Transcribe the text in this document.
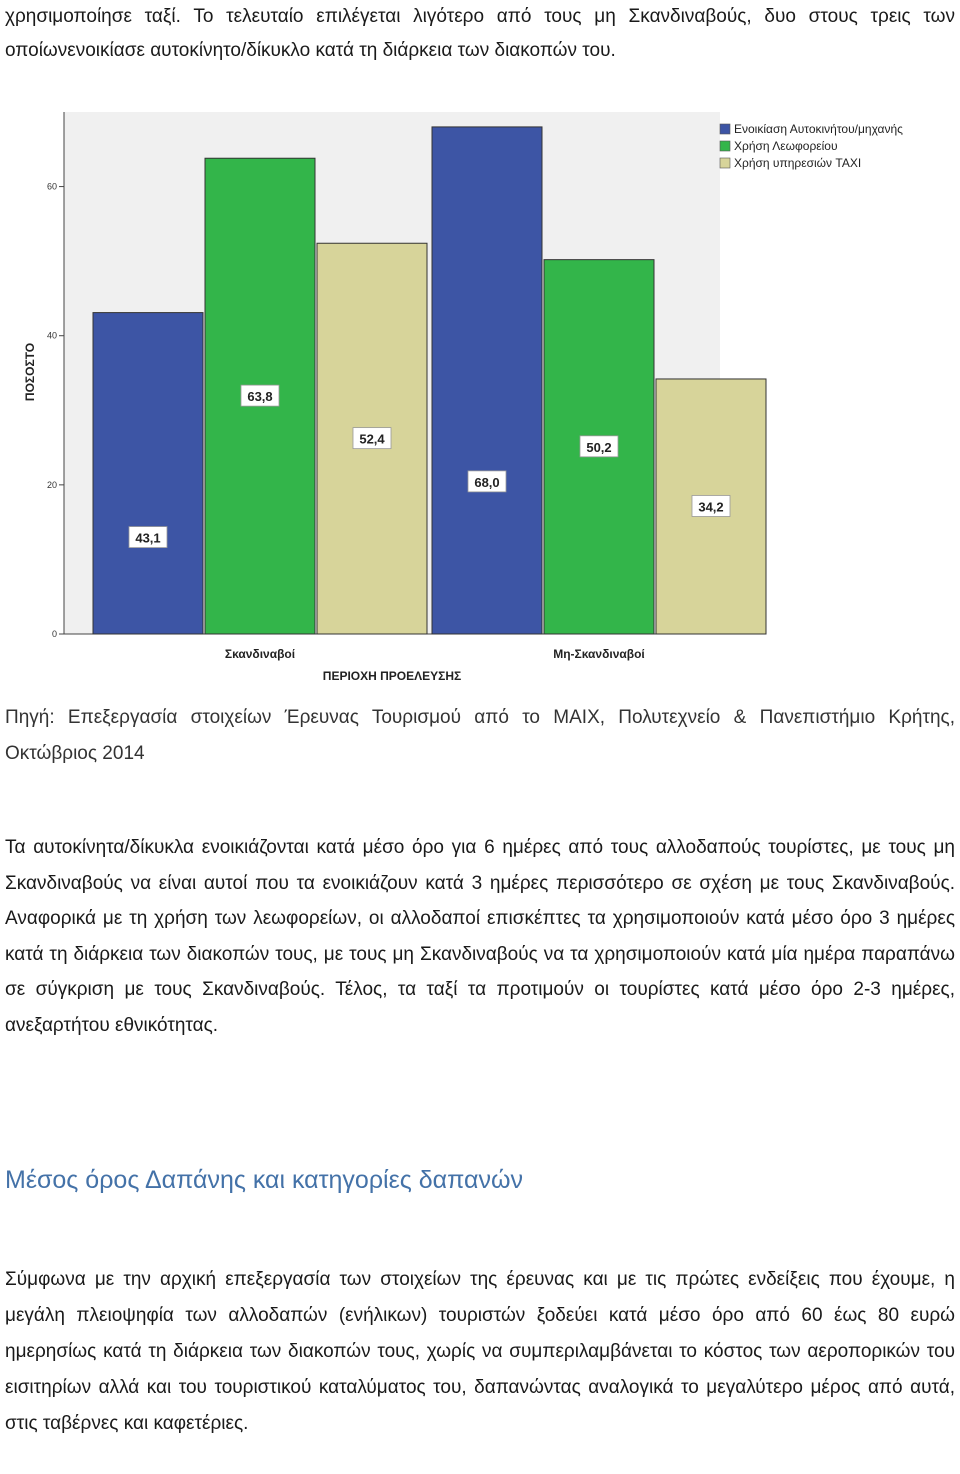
χρησιμοποίησε ταξί. Το τελευταίο επιλέγεται λιγότερο από τους μη Σκανδιναβούς, δυο στους τρεις των οποίωνενοικίασε αυτοκίνητο/δίκυκλο κατά τη διάρκεια των διακοπών του.

0
20
40
60
ΠΟΣΟΣΤΟ
43,1
63,8
52,4
Σκανδιναβοί
68,0
50,2
34,2
Μη-Σκανδιναβοί
ΠΕΡΙΟΧΗ ΠΡΟΕΛΕΥΣΗΣ
Ενοικίαση Αυτοκινήτου/μηχανής
Χρήση Λεωφορείου
Χρήση υπηρεσιών TAXI

Πηγή: Επεξεργασία στοιχείων Έρευνας Τουρισμού από το ΜΑΙΧ, Πολυτεχνείο & Πανεπιστήμιο Κρήτης, Οκτώβριος 2014

Τα αυτοκίνητα/δίκυκλα ενοικιάζονται κατά μέσο όρο για 6 ημέρες από τους αλλοδαπούς τουρίστες, με τους μη Σκανδιναβούς να είναι αυτοί που τα ενοικιάζουν κατά 3 ημέρες περισσότερο σε σχέση με τους Σκανδιναβούς. Αναφορικά με τη χρήση των λεωφορείων, οι αλλοδαποί επισκέπτες τα χρησιμοποιούν κατά μέσο όρο 3 ημέρες κατά τη διάρκεια των διακοπών τους, με τους μη Σκανδιναβούς να τα χρησιμοποιούν κατά μία ημέρα παραπάνω σε σύγκριση με τους Σκανδιναβούς. Τέλος, τα ταξί τα προτιμούν οι τουρίστες κατά μέσο όρο 2-3 ημέρες, ανεξαρτήτου εθνικότητας.

Μέσος όρος Δαπάνης και κατηγορίες δαπανών

Σύμφωνα με την αρχική επεξεργασία των στοιχείων της έρευνας και με τις πρώτες ενδείξεις που έχουμε, η μεγάλη πλειοψηφία των αλλοδαπών (ενήλικων) τουριστών ξοδεύει κατά μέσο όρο από 60 έως 80 ευρώ ημερησίως κατά τη διάρκεια των διακοπών τους, χωρίς να συμπεριλαμβάνεται το κόστος των αεροπορικών του εισιτηρίων αλλά και του τουριστικού καταλύματος του, δαπανώντας αναλογικά το μεγαλύτερο μέρος από αυτά, στις ταβέρνες και καφετέριες.
